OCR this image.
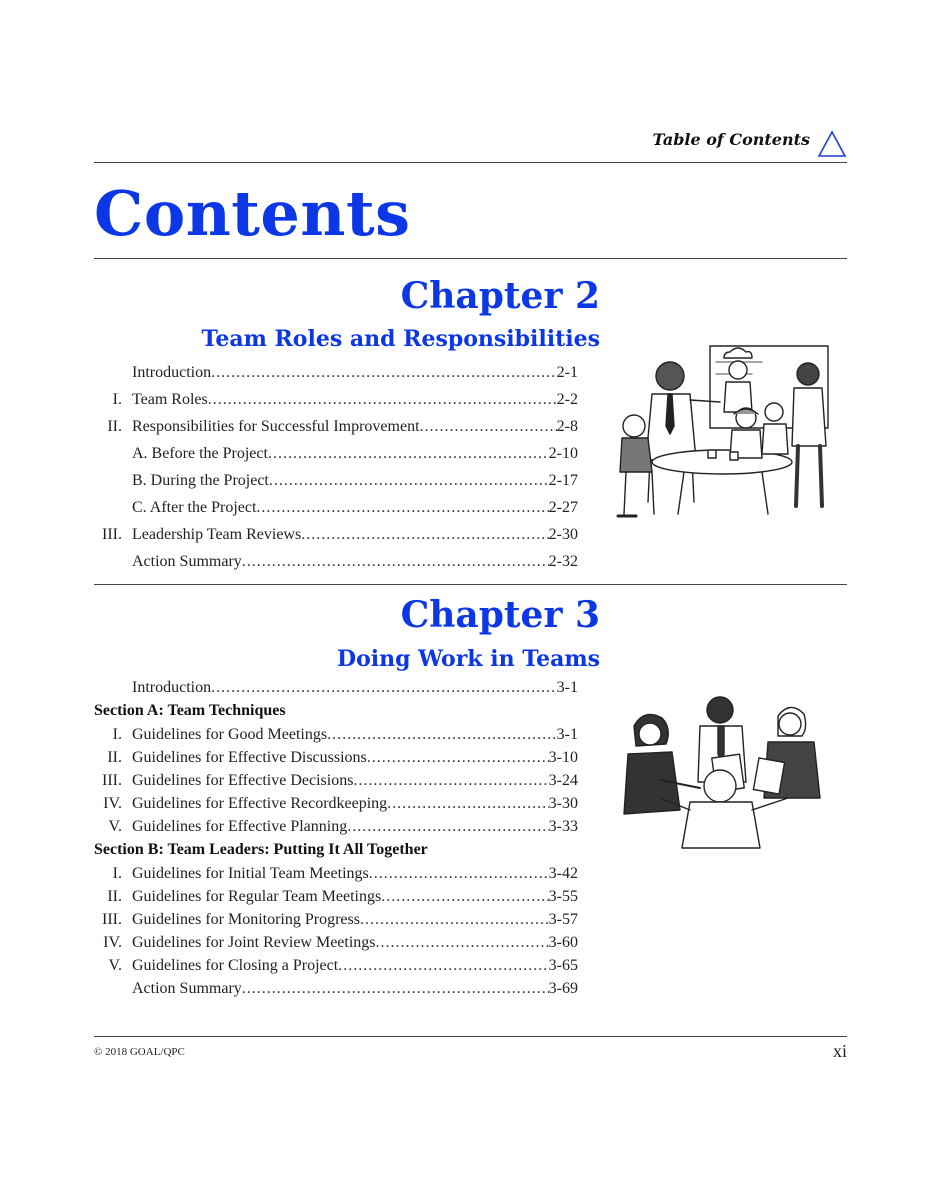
Table of Contents
Contents
Chapter 2
Team Roles and Responsibilities
Introduction .....	2-1
I. Team Roles .....	2-2
II. Responsibilities for Successful Improvement .....	2-8
A. Before the Project .....	2-10
B. During the Project .....	2-17
C. After the Project .....	2-27
III. Leadership Team Reviews .....	2-30
Action Summary .....	2-32
Chapter 3
Doing Work in Teams
Introduction .....	3-1
Section A: Team Techniques
I. Guidelines for Good Meetings .....	3-1
II. Guidelines for Effective Discussions .....	3-10
III. Guidelines for Effective Decisions .....	3-24
IV. Guidelines for Effective Recordkeeping .....	3-30
V. Guidelines for Effective Planning .....	3-33
Section B: Team Leaders: Putting It All Together
I. Guidelines for Initial Team Meetings .....	3-42
II. Guidelines for Regular Team Meetings .....	3-55
III. Guidelines for Monitoring Progress .....	3-57
IV. Guidelines for Joint Review Meetings .....	3-60
V. Guidelines for Closing a Project .....	3-65
Action Summary .....	3-69
© 2018 GOAL/QPC	xi
